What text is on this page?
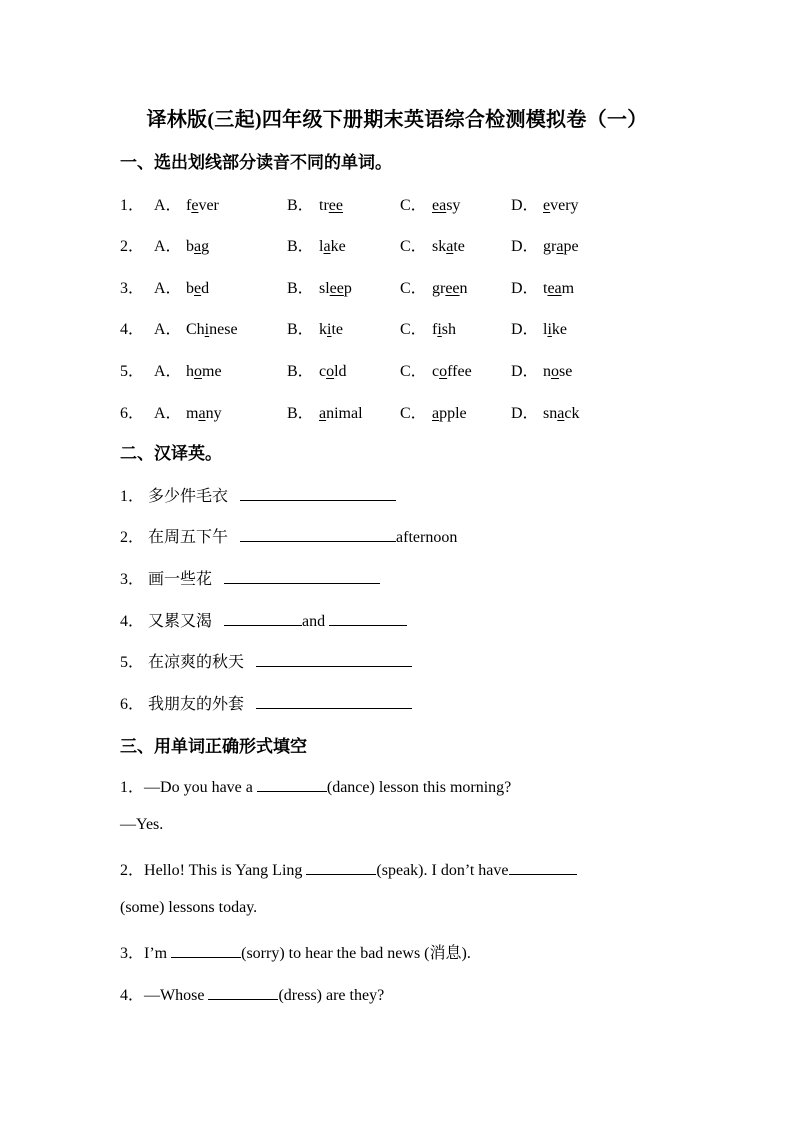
译林版(三起)四年级下册期末英语综合检测模拟卷（一）
一、选出划线部分读音不同的单词。
1． A． fever	B． tree	C． easy	D． every
2． A． bag	B． lake	C． skate	D． grape
3． A． bed	B． sleep	C． green	D． team
4． A． Chinese	B． kite	C． fish	D． like
5． A． home	B． cold	C． coffee D． nose
6． A． many	B． animal C． apple	D． snack
二、汉译英。
1． 多少件毛衣
2． 在周五下午	afternoon
3． 画一些花
4． 又累又渴	and
5． 在凉爽的秋天
6． 我朋友的外套
三、用单词正确形式填空
1．—Do you have a	(dance) lesson this morning?
—Yes.
2．Hello! This is Yang Ling	(speak). I don’t have
(some) lessons today.
3．I’m	(sorry) to hear the bad news (消息).
4．—Whose	(dress) are they?
